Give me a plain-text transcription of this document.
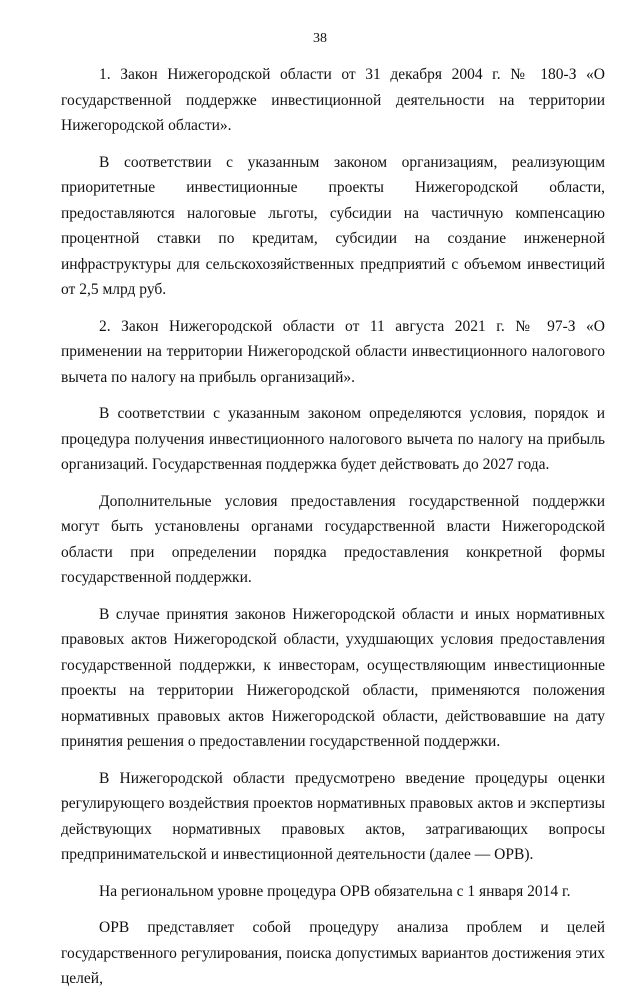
38

1. Закон Нижегородской области от 31 декабря 2004 г. № 180-З «О государственной поддержке инвестиционной деятельности на территории Нижегородской области».

В соответствии с указанным законом организациям, реализующим приоритетные инвестиционные проекты Нижегородской области, предоставляются налоговые льготы, субсидии на частичную компенсацию процентной ставки по кредитам, субсидии на создание инженерной инфраструктуры для сельскохозяйственных предприятий с объемом инвестиций от 2,5 млрд руб.

2. Закон Нижегородской области от 11 августа 2021 г. № 97-З «О применении на территории Нижегородской области инвестиционного налогового вычета по налогу на прибыль организаций».

В соответствии с указанным законом определяются условия, порядок и процедура получения инвестиционного налогового вычета по налогу на прибыль организаций. Государственная поддержка будет действовать до 2027 года.

Дополнительные условия предоставления государственной поддержки могут быть установлены органами государственной власти Нижегородской области при определении порядка предоставления конкретной формы государственной поддержки.

В случае принятия законов Нижегородской области и иных нормативных правовых актов Нижегородской области, ухудшающих условия предоставления государственной поддержки, к инвесторам, осуществляющим инвестиционные проекты на территории Нижегородской области, применяются положения нормативных правовых актов Нижегородской области, действовавшие на дату принятия решения о предоставлении государственной поддержки.

В Нижегородской области предусмотрено введение процедуры оценки регулирующего воздействия проектов нормативных правовых актов и экспертизы действующих нормативных правовых актов, затрагивающих вопросы предпринимательской и инвестиционной деятельности (далее — ОРВ).

На региональном уровне процедура ОРВ обязательна с 1 января 2014 г.

ОРВ представляет собой процедуру анализа проблем и целей государственного регулирования, поиска допустимых вариантов достижения этих целей,
